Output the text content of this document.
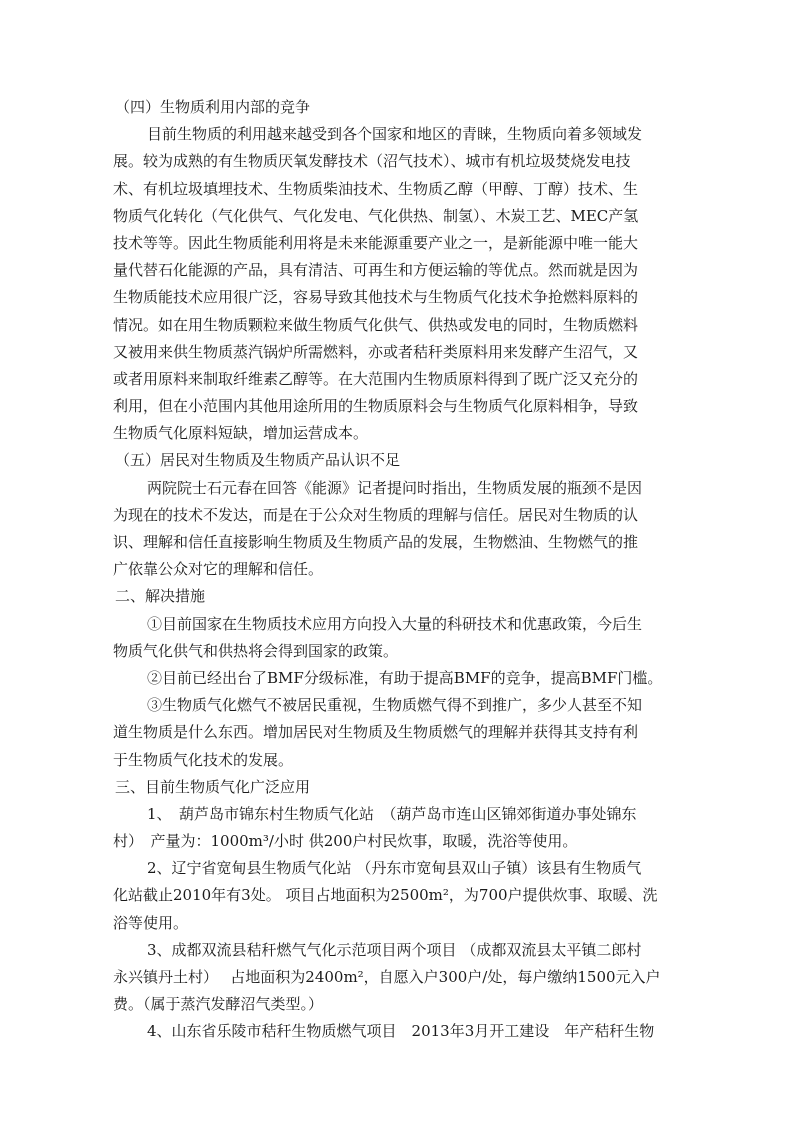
（四）生物质利用内部的竞争
目前生物质的利用越来越受到各个国家和地区的青睐，生物质向着多领域发
展。较为成熟的有生物质厌氧发酵技术（沼气技术）、城市有机垃圾焚烧发电技
术、有机垃圾填埋技术、生物质柴油技术、生物质乙醇（甲醇、丁醇）技术、生
物质气化转化（气化供气、气化发电、气化供热、制氢）、木炭工艺、MEC产氢
技术等等。因此生物质能利用将是未来能源重要产业之一，是新能源中唯一能大
量代替石化能源的产品，具有清洁、可再生和方便运输的等优点。然而就是因为
生物质能技术应用很广泛，容易导致其他技术与生物质气化技术争抢燃料原料的
情况。如在用生物质颗粒来做生物质气化供气、供热或发电的同时，生物质燃料
又被用来供生物质蒸汽锅炉所需燃料，亦或者秸秆类原料用来发酵产生沼气，又
或者用原料来制取纤维素乙醇等。在大范围内生物质原料得到了既广泛又充分的
利用，但在小范围内其他用途所用的生物质原料会与生物质气化原料相争，导致
生物质气化原料短缺，增加运营成本。
（五）居民对生物质及生物质产品认识不足
两院院士石元春在回答《能源》记者提问时指出，生物质发展的瓶颈不是因
为现在的技术不发达，而是在于公众对生物质的理解与信任。居民对生物质的认
识、理解和信任直接影响生物质及生物质产品的发展，生物燃油、生物燃气的推
广依靠公众对它的理解和信任。
二、解决措施
①目前国家在生物质技术应用方向投入大量的科研技术和优惠政策，今后生
物质气化供气和供热将会得到国家的政策。
②目前已经出台了BMF分级标准，有助于提高BMF的竞争，提高BMF门槛。
③生物质气化燃气不被居民重视，生物质燃气得不到推广，多少人甚至不知
道生物质是什么东西。增加居民对生物质及生物质燃气的理解并获得其支持有利
于生物质气化技术的发展。
三、目前生物质气化广泛应用
1、　葫芦岛市锦东村生物质气化站　（葫芦岛市连山区锦郊街道办事处锦东
村）　产量为：1000m³/小时 供200户村民炊事，取暖，洗浴等使用。
2、辽宁省宽甸县生物质气化站 （丹东市宽甸县双山子镇）该县有生物质气
化站截止2010年有3处。 项目占地面积为2500m²，为700户提供炊事、取暖、洗
浴等使用。
3、成都双流县秸秆燃气气化示范项目两个项目 （成都双流县太平镇二郎村
永兴镇丹土村）　 占地面积为2400m²，自愿入户300户/处，每户缴纳1500元入户
费。（属于蒸汽发酵沼气类型。）
4、山东省乐陵市秸秆生物质燃气项目　2013年3月开工建设　年产秸秆生物
